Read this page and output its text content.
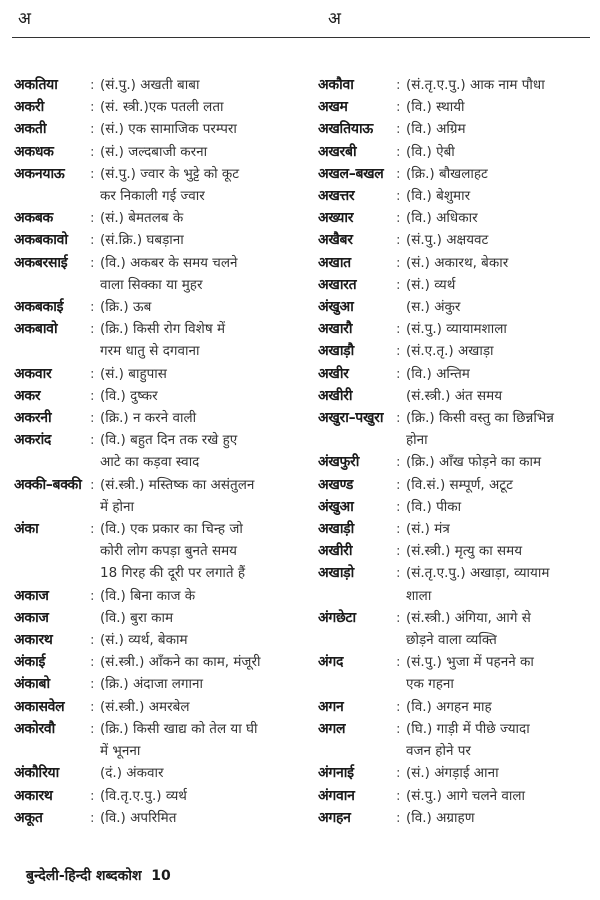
अ	अ
अकतिया	: (सं.पु.) अखती बाबा
अकरी	: (सं. स्त्री.)एक पतली लता
अकती	: (सं.) एक सामाजिक परम्परा
अकधक	: (सं.) जल्दबाजी करना
अकनयाऊ	: (सं.पु.) ज्वार के भुट्टे को कूट
कर निकाली गई ज्वार
अकबक	: (सं.) बेमतलब के
अकबकावो	: (सं.क्रि.) घबड़ाना
अकबरसाई	: (वि.) अकबर के समय चलने
वाला सिक्का या मुहर
अकबकाई	: (क्रि.) ऊब
अकबावो	: (क्रि.) किसी रोग विशेष में
गरम धातु से दगवाना
अकवार	: (सं.) बाहुपास
अकर	: (वि.) दुष्कर
अकरनी	: (क्रि.) न करने वाली
अकरांद	: (वि.) बहुत दिन तक रखे हुए
आटे का कड़वा स्वाद
अक्की–बक्की : (सं.स्त्री.) मस्तिष्क का असंतुलन
में होना
अंका	: (वि.) एक प्रकार का चिन्ह जो
कोरी लोग कपड़ा बुनते समय
18 गिरह की दूरी पर लगाते हैं
अकाज	: (वि.) बिना काज के
अकाज	(वि.) बुरा काम
अकारथ	: (सं.) व्यर्थ, बेकाम
अंकाई	: (सं.स्त्री.) आँकने का काम, मंजूरी
अंकाबो	: (क्रि.) अंदाजा लगाना
अकासवेल	: (सं.स्त्री.) अमरबेल
अकोरवौ	: (क्रि.) किसी खाद्य को तेल या घी
में भूनना
अंकौरिया	(दं.) अंकवार
अकारथ	: (वि.तृ.ए.पु.) व्यर्थ
अकूत	: (वि.) अपरिमित
अकौवा	: (सं.तृ.ए.पु.) आक नाम पौधा
अखम	: (वि.) स्थायी
अखतियाऊ	: (वि.) अग्रिम
अखरबी	: (वि.) ऐबी
अखल–बखल : (क्रि.) बौखलाहट
अखत्तर	: (वि.) बेशुमार
अख्यार	: (वि.) अधिकार
अखैबर	: (सं.पु.) अक्षयवट
अखात	: (सं.) अकारथ, बेकार
अखारत	: (सं.) व्यर्थ
अंखुआ	(स.) अंकुर
अखारौ	: (सं.पु.) व्यायामशाला
अखाड़ौ	: (सं.ए.तृ.) अखाड़ा
अखीर	: (वि.) अन्तिम
अखीरी	(सं.स्त्री.) अंत समय
अखुरा–पखुरा : (क्रि.) किसी वस्तु का छिन्नभिन्न
होना
अंखफुरी	: (क्रि.) आँख फोड़ने का काम
अखण्ड	: (वि.सं.) सम्पूर्ण, अटूट
अंखुआ	: (वि.) पीका
अखाड़ी	: (सं.) मंत्र
अखीरी	: (सं.स्त्री.) मृत्यु का समय
अखाड़ो	: (सं.तृ.ए.पु.) अखाड़ा, व्यायाम
शाला
अंगछेटा	: (सं.स्त्री.) अंगिया, आगे से
छोड़ने वाला व्यक्ति
अंगद	: (सं.पु.) भुजा में पहनने का
एक गहना
अगन	: (वि.) अगहन माह
अगल	: (घि.) गाड़ी में पीछे ज्यादा
वजन होने पर
अंगनाई	: (सं.) अंगड़ाई आना
अंगवान	: (सं.पु.) आगे चलने वाला
अगहन	: (वि.) अग्राहण
बुन्देली-हिन्दी शब्दकोश 10
